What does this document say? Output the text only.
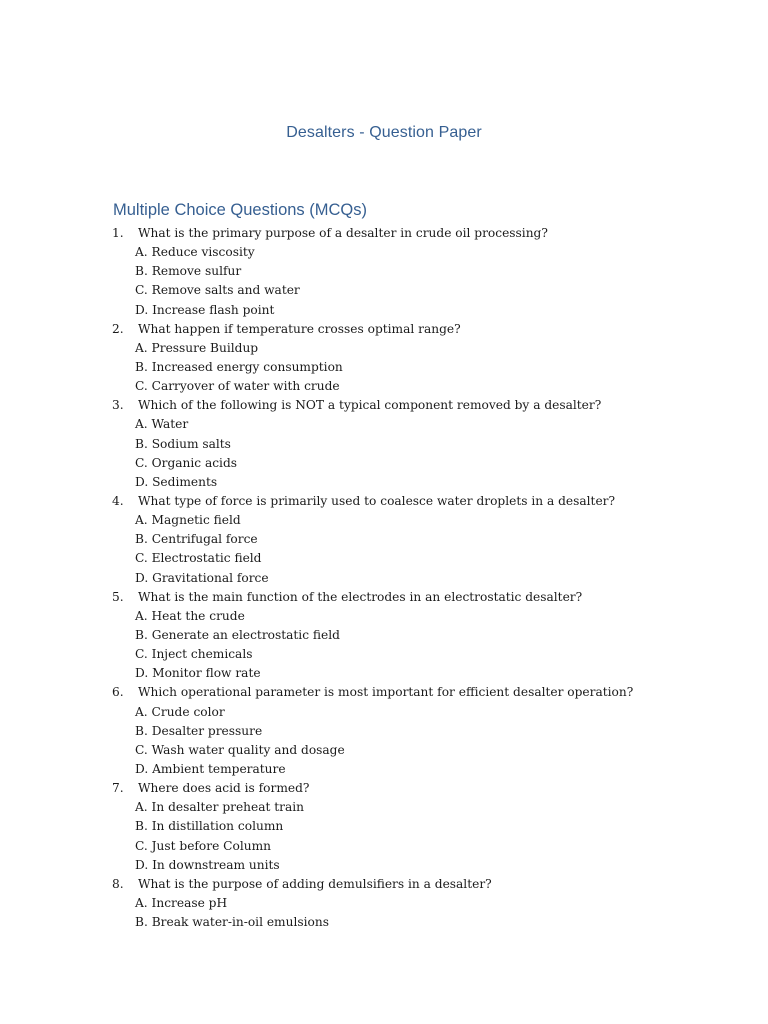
Desalters - Question Paper
Multiple Choice Questions (MCQs)
1.	What is the primary purpose of a desalter in crude oil processing?
A. Reduce viscosity
B. Remove sulfur
C. Remove salts and water
D. Increase flash point
2.	What happen if temperature crosses optimal range?
A. Pressure Buildup
B. Increased energy consumption
C. Carryover of water with crude
3.	Which of the following is NOT a typical component removed by a desalter?
A. Water
B. Sodium salts
C. Organic acids
D. Sediments
4.	What type of force is primarily used to coalesce water droplets in a desalter?
A. Magnetic field
B. Centrifugal force
C. Electrostatic field
D. Gravitational force
5.	What is the main function of the electrodes in an electrostatic desalter?
A. Heat the crude
B. Generate an electrostatic field
C. Inject chemicals
D. Monitor flow rate
6.	Which operational parameter is most important for efficient desalter operation?
A. Crude color
B. Desalter pressure
C. Wash water quality and dosage
D. Ambient temperature
7.	Where does acid is formed?
A. In desalter preheat train
B. In distillation column
C. Just before Column
D. In downstream units
8.	What is the purpose of adding demulsifiers in a desalter?
A. Increase pH
B. Break water-in-oil emulsions
